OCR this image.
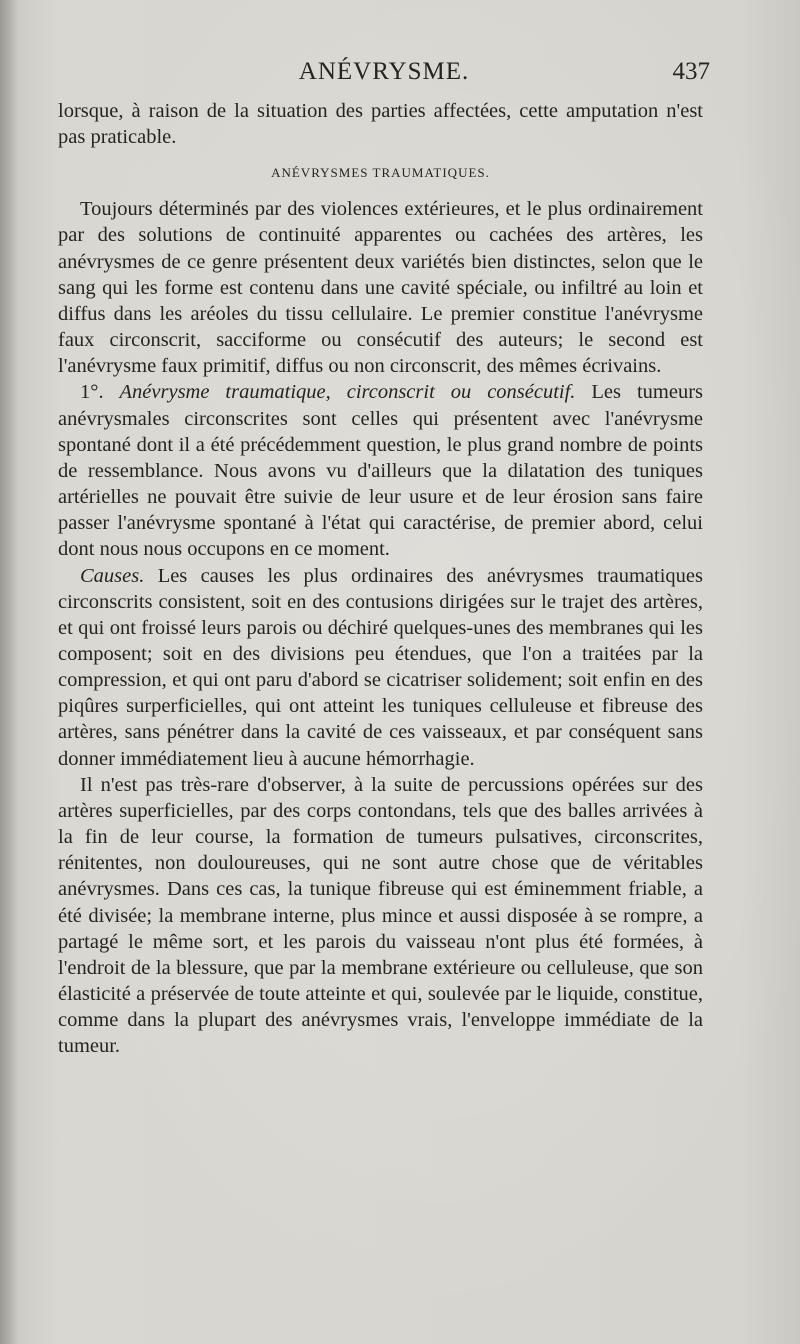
ANÉVRYSME.	437

lorsque, à raison de la situation des parties affectées, cette amputation n'est pas praticable.

ANÉVRYSMES TRAUMATIQUES.

Toujours déterminés par des violences extérieures, et le plus ordinairement par des solutions de continuité apparentes ou cachées des artères, les anévrysmes de ce genre présentent deux variétés bien distinctes, selon que le sang qui les forme est contenu dans une cavité spéciale, ou infiltré au loin et diffus dans les aréoles du tissu cellulaire. Le premier constitue l'anévrysme faux circonscrit, sacciforme ou consécutif des auteurs; le second est l'anévrysme faux primitif, diffus ou non circonscrit, des mêmes écrivains.

1°. Anévrysme traumatique, circonscrit ou consécutif. Les tumeurs anévrysmales circonscrites sont celles qui présentent avec l'anévrysme spontané dont il a été précédemment question, le plus grand nombre de points de ressemblance. Nous avons vu d'ailleurs que la dilatation des tuniques artérielles ne pouvait être suivie de leur usure et de leur érosion sans faire passer l'anévrysme spontané à l'état qui caractérise, de premier abord, celui dont nous nous occupons en ce moment.

Causes. Les causes les plus ordinaires des anévrysmes traumatiques circonscrits consistent, soit en des contusions dirigées sur le trajet des artères, et qui ont froissé leurs parois ou déchiré quelques-unes des membranes qui les composent; soit en des divisions peu étendues, que l'on a traitées par la compression, et qui ont paru d'abord se cicatriser solidement; soit enfin en des piqûres surperficielles, qui ont atteint les tuniques celluleuse et fibreuse des artères, sans pénétrer dans la cavité de ces vaisseaux, et par conséquent sans donner immédiatement lieu à aucune hémorrhagie.

Il n'est pas très-rare d'observer, à la suite de percussions opérées sur des artères superficielles, par des corps contondans, tels que des balles arrivées à la fin de leur course, la formation de tumeurs pulsatives, circonscrites, rénitentes, non douloureuses, qui ne sont autre chose que de véritables anévrysmes. Dans ces cas, la tunique fibreuse qui est éminemment friable, a été divisée; la membrane interne, plus mince et aussi disposée à se rompre, a partagé le même sort, et les parois du vaisseau n'ont plus été formées, à l'endroit de la blessure, que par la membrane extérieure ou celluleuse, que son élasticité a préservée de toute atteinte et qui, soulevée par le liquide, constitue, comme dans la plupart des anévrysmes vrais, l'enveloppe immédiate de la tumeur.
